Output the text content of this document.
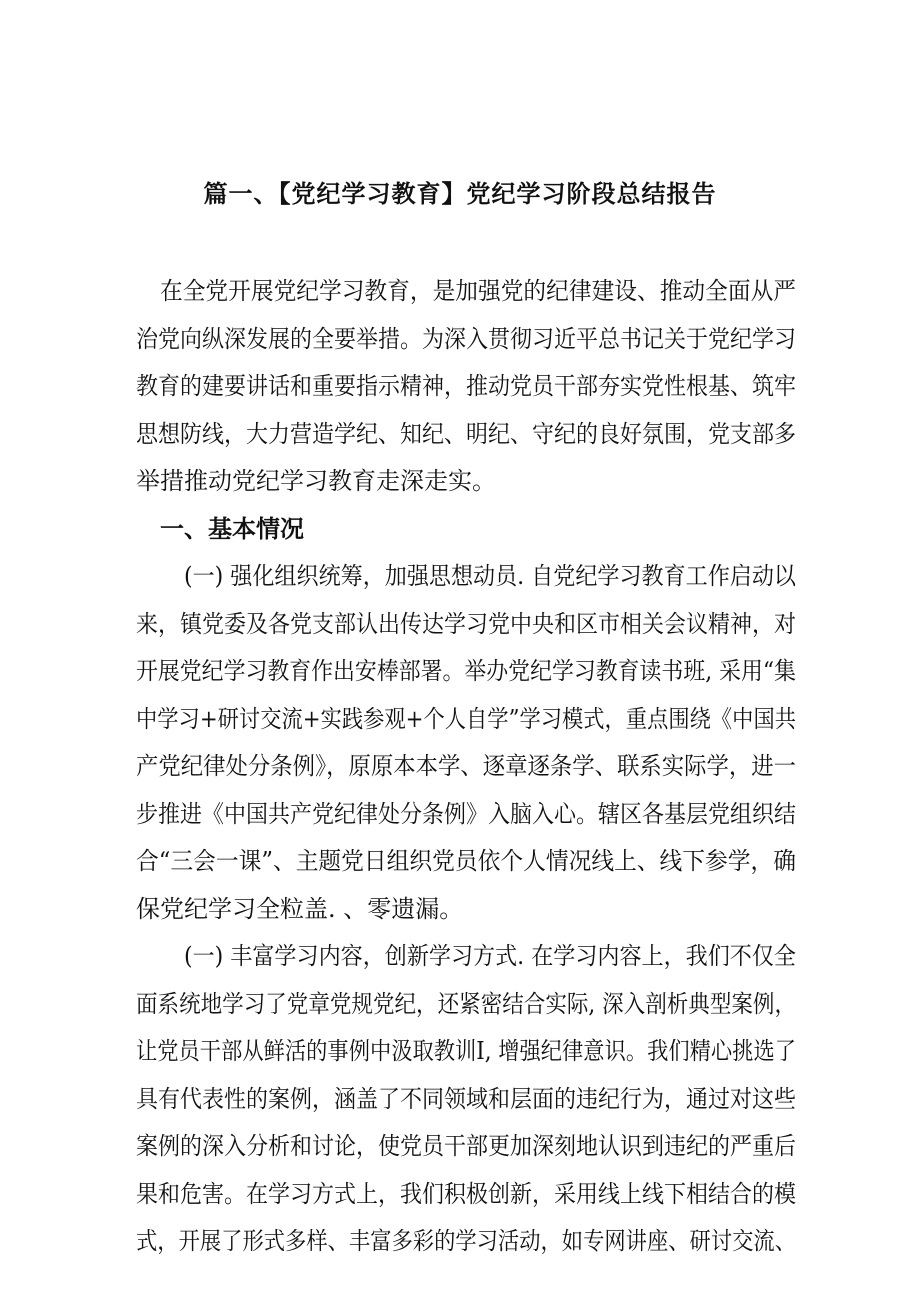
篇一、【党纪学习教育】党纪学习阶段总结报告
在全党开展党纪学习教育，是加强党的纪律建设、推动全面从严
治党向纵深发展的全要举措。为深入贯彻习近平总书记关于党纪学习
教育的建要讲话和重要指示精神，推动党员干部夯实党性根基、筑牢
思想防线，大力营造学纪、知纪、明纪、守纪的良好氛围，党支部多
举措推动党纪学习教育走深走实。
一、基本情况
(一) 强化组织统筹，加强思想动员. 自党纪学习教育工作启动以
来，镇党委及各党支部认出传达学习党中央和区市相关会议精神，对
开展党纪学习教育作出安棒部署。举办党纪学习教育读书班, 采用“集
中学习+研讨交流+实践参观+个人自学”学习模式，重点围绕《中国共
产党纪律处分条例》，原原本本学、逐章逐条学、联系实际学，进一
步推进《中国共产党纪律处分条例》入脑入心。辖区各基层党组织结
合“三会一课”、主题党日组织党员依个人情况线上、线下参学，确
保党纪学习全粒盖. 、零遗漏。
(一) 丰富学习内容，创新学习方式. 在学习内容上，我们不仅全
面系统地学习了党章党规党纪，还紧密结合实际, 深入剖析典型案例，
让党员干部从鲜活的事例中汲取教训I, 增强纪律意识。我们精心挑选了
具有代表性的案例，涵盖了不同领域和层面的违纪行为，通过对这些
案例的深入分析和讨论，使党员干部更加深刻地认识到违纪的严重后
果和危害。在学习方式上，我们积极创新，采用线上线下相结合的模
式，开展了形式多样、丰富多彩的学习活动，如专网讲座、研讨交流、
